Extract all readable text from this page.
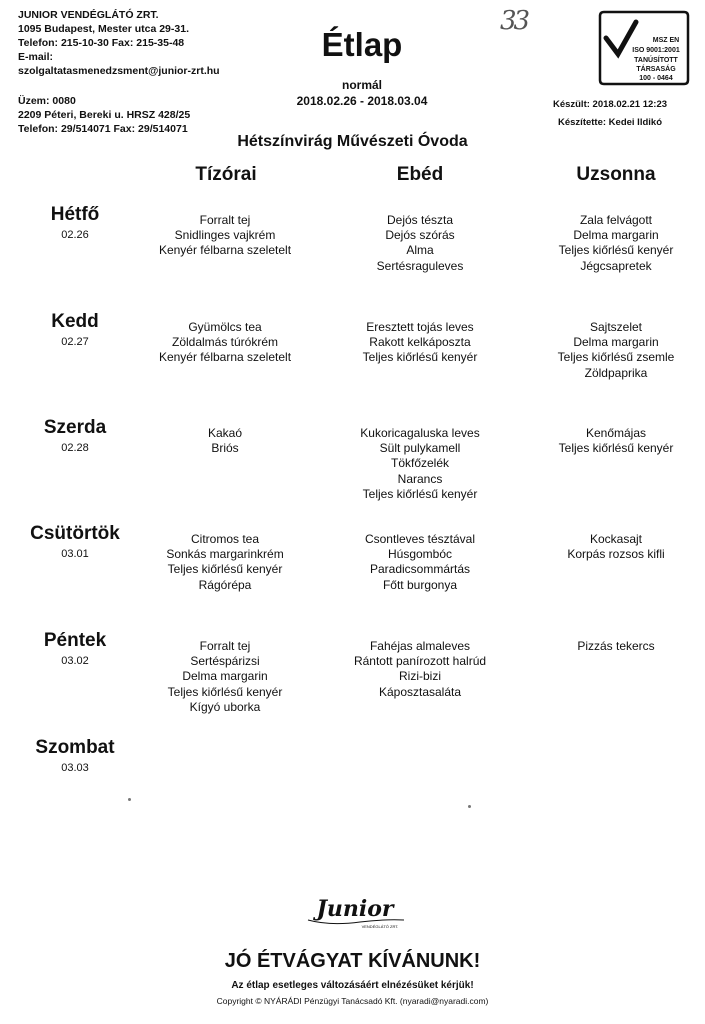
JUNIOR VENDÉGLÁTÓ ZRT.
1095 Budapest, Mester utca 29-31.
Telefon: 215-10-30 Fax: 215-35-48
E-mail:
szolgaltatasmenedzsment@junior-zrt.hu
Üzem: 0080
2209 Péteri, Bereki u. HRSZ 428/25
Telefon: 29/514071 Fax: 29/514071
Étlap
normál
2018.02.26 - 2018.03.04
33
MSZ EN ISO 9001:2001 TANÚSÍTOTT TÁRSASÁG 100 - 0464
Készült: 2018.02.21 12:23
Készítette: Kedei Ildikó
Hétszínvirág Művészeti Óvoda
Tízórai	Ebéd	Uzsonna
Hétfő
02.26
Forralt tej
Snidlinges vajkrém
Kenyér félbarna szeletelt
Dejós tészta
Dejós szórás
Alma
Sertésraguleves
Zala felvágott
Delma margarin
Teljes kiőrlésű kenyér
Jégcsapretek
Kedd
02.27
Gyümölcs tea
Zöldalmás túrókrém
Kenyér félbarna szeletelt
Eresztett tojás leves
Rakott kelkáposzta
Teljes kiőrlésű kenyér
Sajtszelet
Delma margarin
Teljes kiőrlésű zsemle
Zöldpaprika
Szerda
02.28
Kakaó
Briós
Kukoricagaluska leves
Sült pulykamell
Tökfőzelék
Narancs
Teljes kiőrlésű kenyér
Kenőmájas
Teljes kiőrlésű kenyér
Csütörtök
03.01
Citromos tea
Sonkás margarinkrém
Teljes kiőrlésű kenyér
Rágórépa
Csontleves tésztával
Húsgombóc
Paradicsommártás
Főtt burgonya
Kockasajt
Korpás rozsos kifli
Péntek
03.02
Forralt tej
Sertéspárizsi
Delma margarin
Teljes kiőrlésű kenyér
Kígyó uborka
Fahéjas almaleves
Rántott panírozott halrúd
Rizi-bizi
Káposztasaláta
Pizzás tekercs
Szombat
03.03
Junior
VENDÉGLÁTÓ ZRT.
JÓ ÉTVÁGYAT KÍVÁNUNK!
Az étlap esetleges változásáért elnézésüket kérjük!
Copyright © NYÁRÁDI Pénzügyi Tanácsadó Kft. (nyaradi@nyaradi.com)
